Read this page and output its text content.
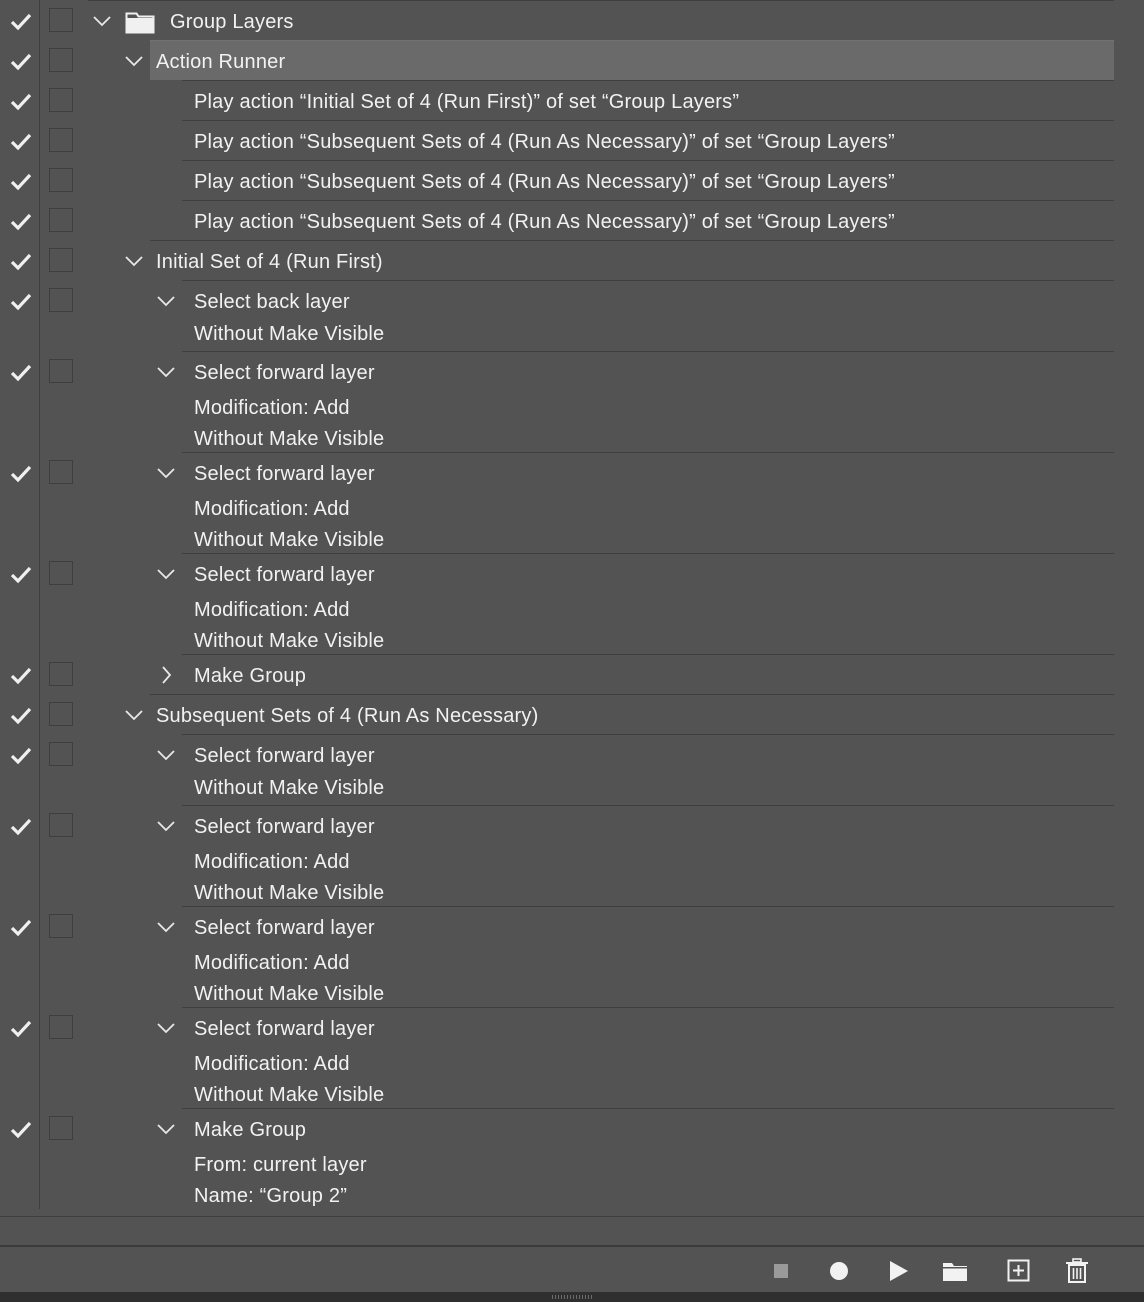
Group Layers
Action Runner
Play action “Initial Set of 4 (Run First)” of set “Group Layers”
Play action “Subsequent Sets of 4 (Run As Necessary)” of set “Group Layers”
Play action “Subsequent Sets of 4 (Run As Necessary)” of set “Group Layers”
Play action “Subsequent Sets of 4 (Run As Necessary)” of set “Group Layers”
Initial Set of 4 (Run First)
Select back layer
Without Make Visible
Select forward layer
Modification: Add
Without Make Visible
Select forward layer
Modification: Add
Without Make Visible
Select forward layer
Modification: Add
Without Make Visible
Make Group
Subsequent Sets of 4 (Run As Necessary)
Select forward layer
Without Make Visible
Select forward layer
Modification: Add
Without Make Visible
Select forward layer
Modification: Add
Without Make Visible
Select forward layer
Modification: Add
Without Make Visible
Make Group
From: current layer
Name: “Group 2”
